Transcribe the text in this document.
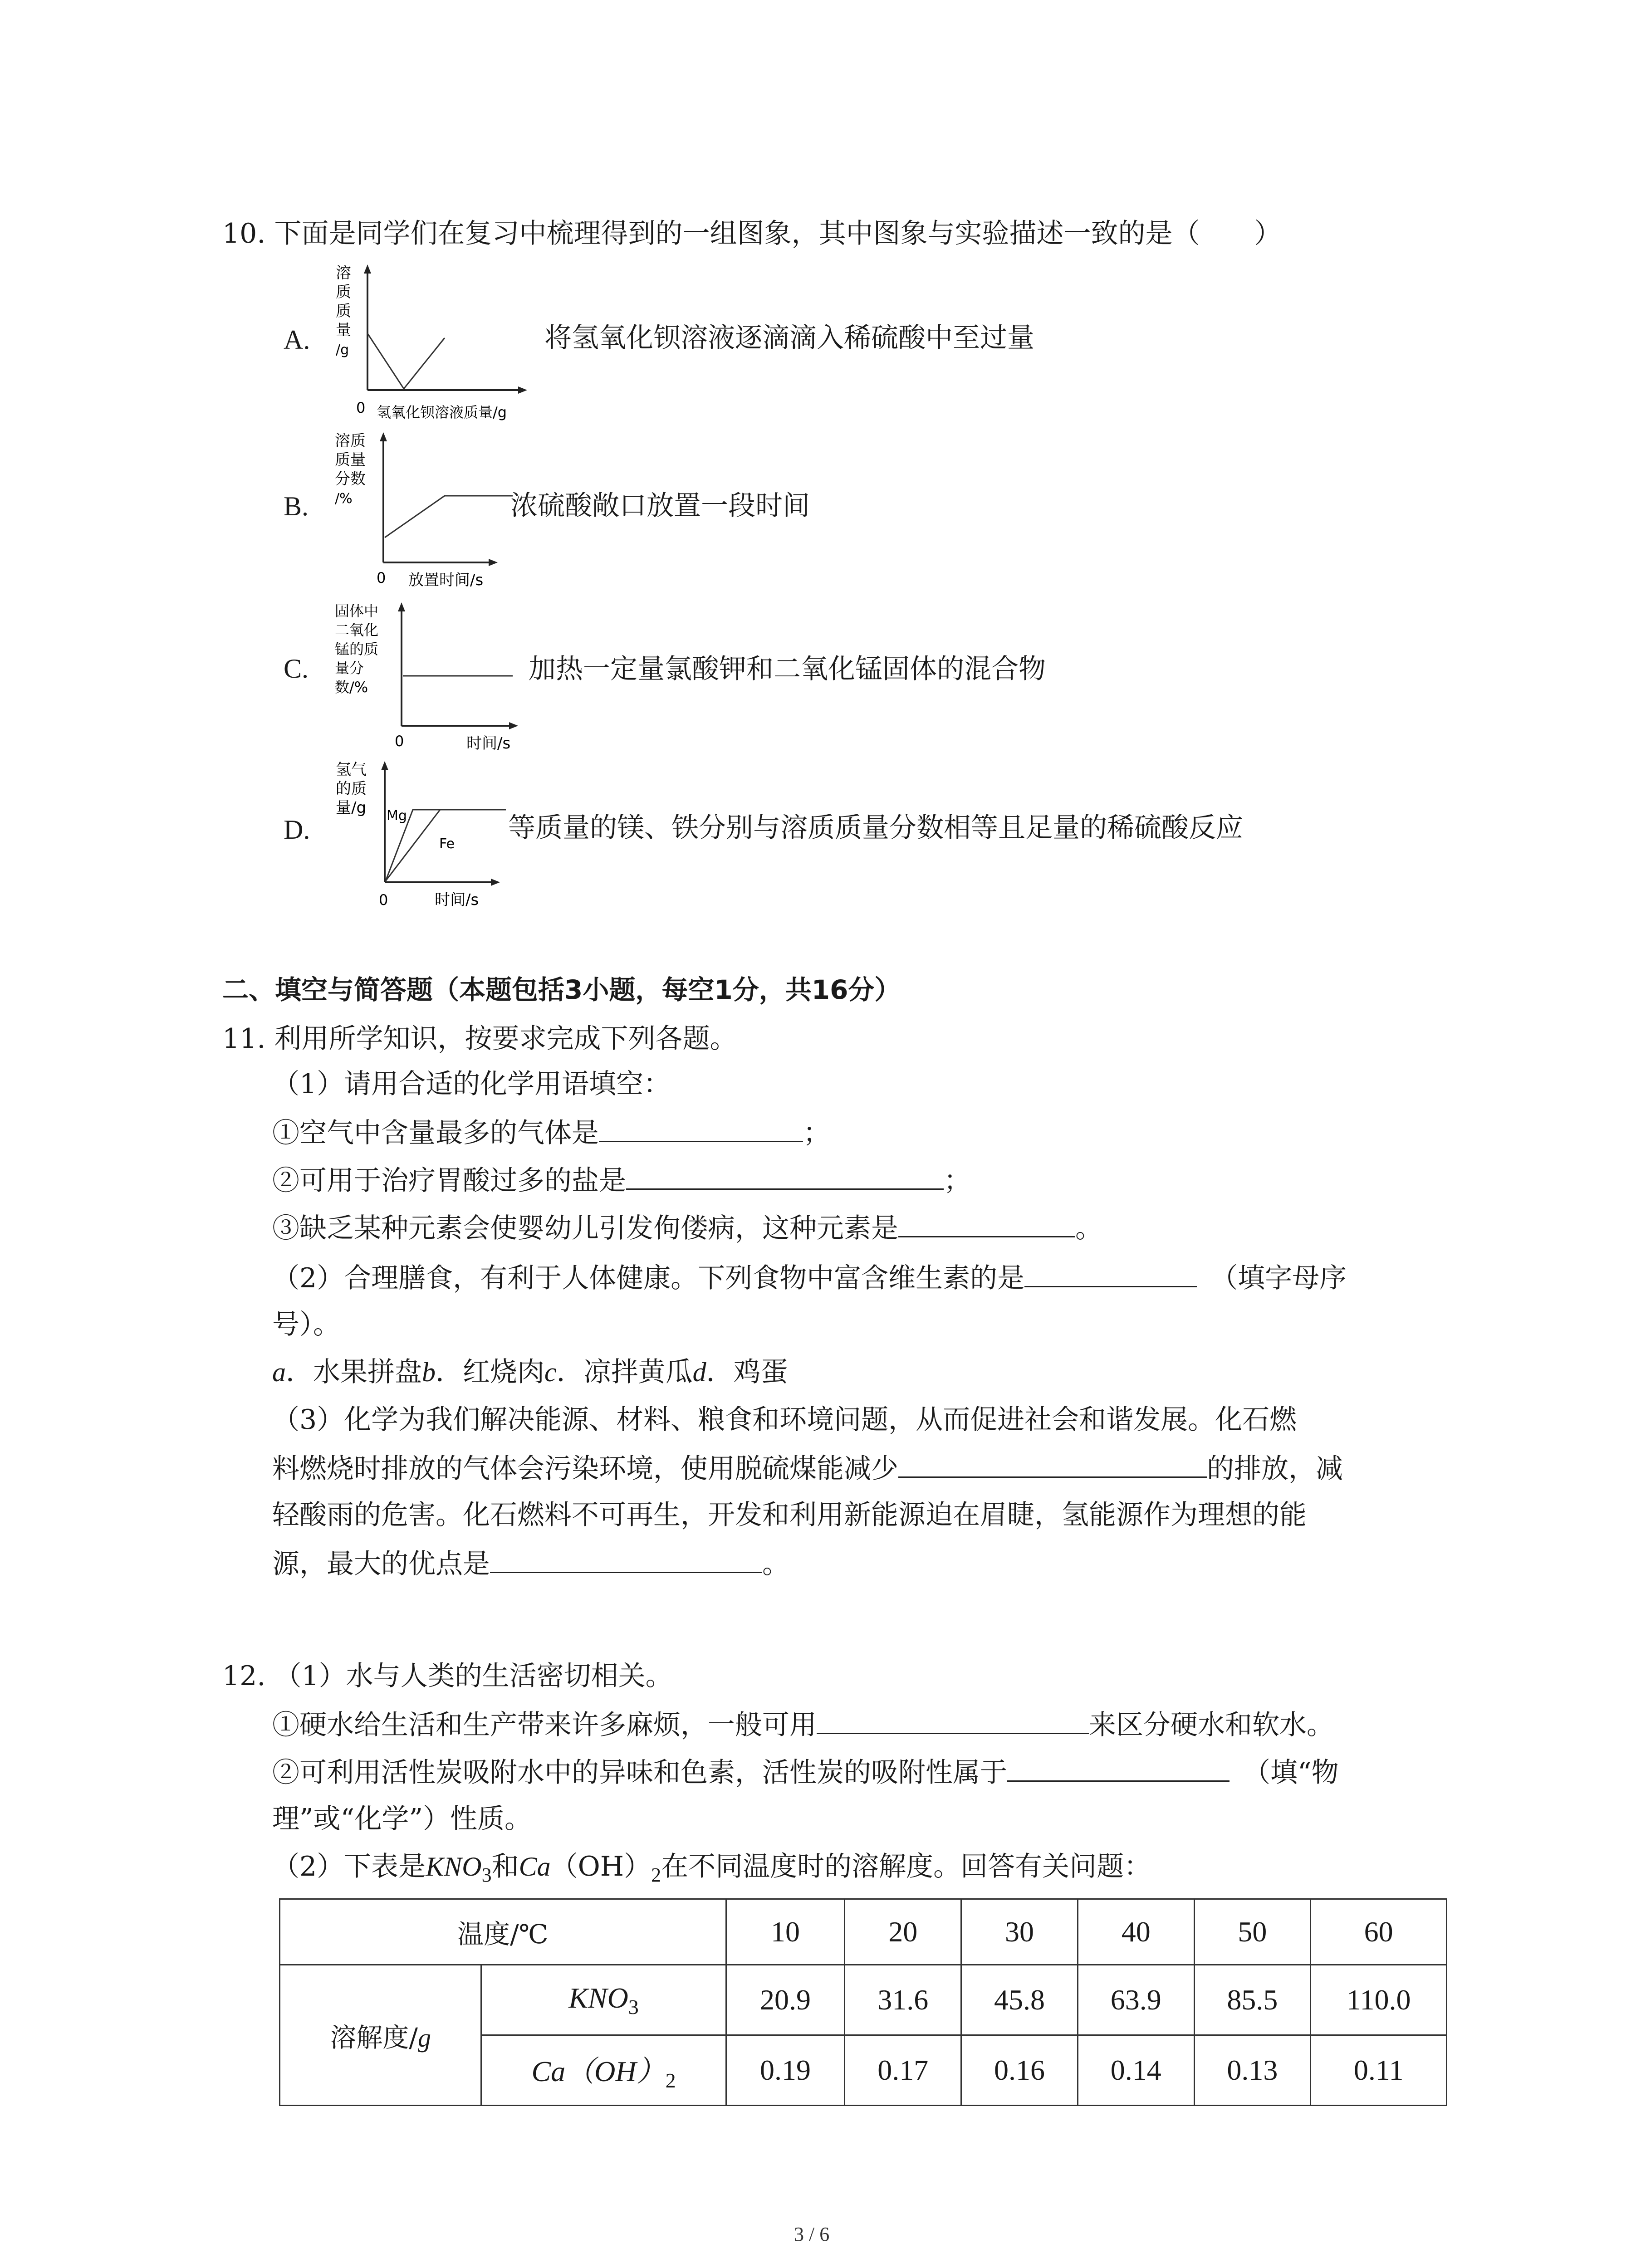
10. 下面是同学们在复习中梳理得到的一组图象，其中图象与实验描述一致的是（　　）
A.
溶
质
质
量
/g
0 氢氧化钡溶液质量/g
将氢氧化钡溶液逐滴滴入稀硫酸中至过量
B.
溶质
质量
分数
/%
0 放置时间/s
浓硫酸敞口放置一段时间
C.
固体中
二氧化
锰的质
量分
数/%
0	时间/s
加热一定量氯酸钾和二氧化锰固体的混合物
D.
氢气
的质
量/g Mg
Fe
0	时间/s
等质量的镁、铁分别与溶质质量分数相等且足量的稀硫酸反应
二、填空与简答题（本题包括3小题，每空1分，共16分）
11. 利用所学知识，按要求完成下列各题。
（1）请用合适的化学用语填空：
①空气中含量最多的气体是	；
②可用于治疗胃酸过多的盐是	；
③缺乏某种元素会使婴幼儿引发佝偻病，这种元素是	。
（2）合理膳食，有利于人体健康。下列食物中富含维生素的是	（填字母序
号）。
a．水果拼盘b．红烧肉c．凉拌黄瓜d．鸡蛋
（3）化学为我们解决能源、材料、粮食和环境问题，从而促进社会和谐发展。化石燃
料燃烧时排放的气体会污染环境，使用脱硫煤能减少	的排放，减
轻酸雨的危害。化石燃料不可再生，开发和利用新能源迫在眉睫，氢能源作为理想的能
源，最大的优点是	。
12. （1）水与人类的生活密切相关。
①硬水给生活和生产带来许多麻烦，一般可用	来区分硬水和软水。
②可利用活性炭吸附水中的异味和色素，活性炭的吸附性属于	（填“物
理”或“化学”）性质。
（2）下表是$KNO_3$和$Ca(OH)_2$在不同温度时的溶解度。回答有关问题：
温度/℃		10	20	30	40	50	60
溶解度/g	$KNO_3$	20.9	31.6	45.8	63.9	85.5	110.0
	$Ca(OH)_2$	0.19	0.17	0.16	0.14	0.13	0.11
3 / 6
